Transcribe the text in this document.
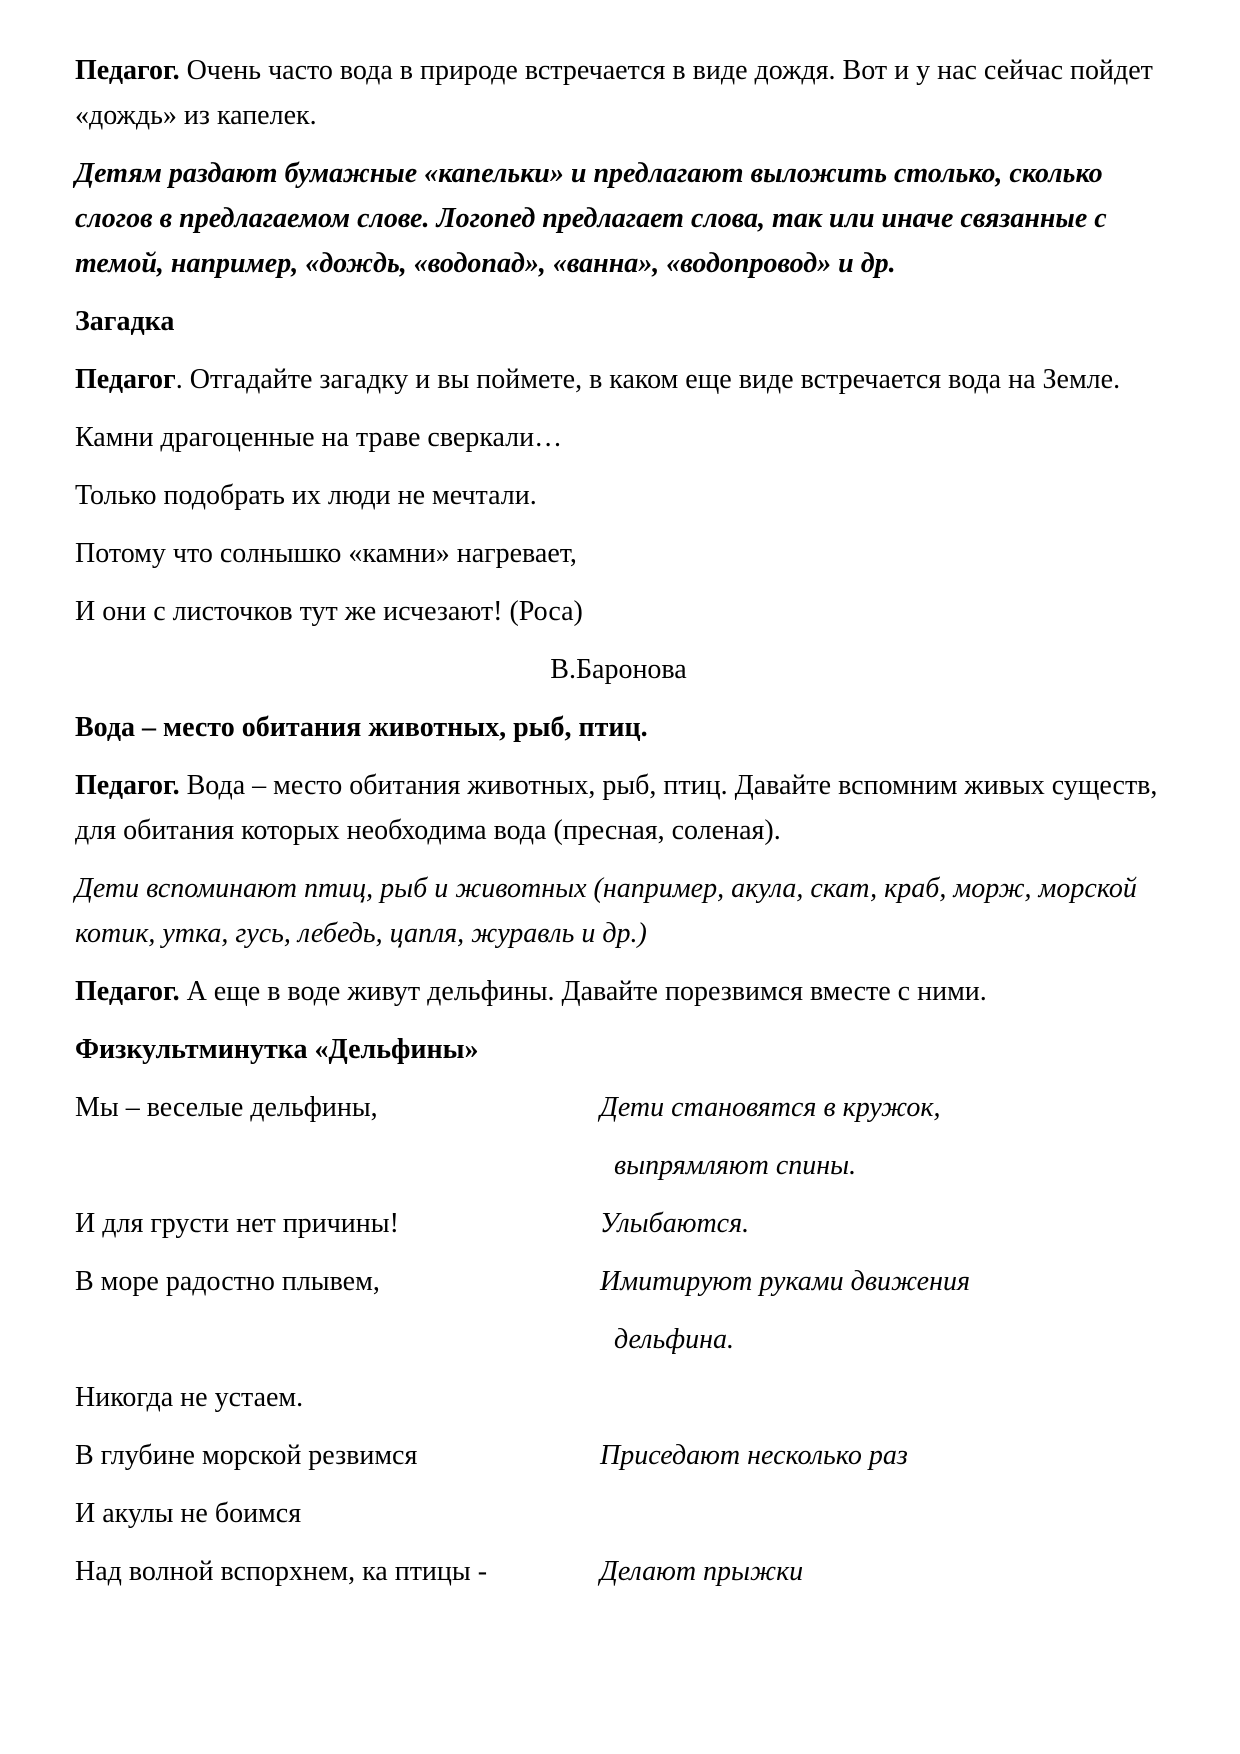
Педагог. Очень часто вода в природе встречается в виде дождя. Вот и у нас сейчас пойдет «дождь» из капелек.

Детям раздают бумажные «капельки» и предлагают выложить столько, сколько слогов в предлагаемом слове. Логопед предлагает слова, так или иначе связанные с темой, например, «дождь, «водопад», «ванна», «водопровод» и др.

Загадка

Педагог. Отгадайте загадку и вы поймете, в каком еще виде встречается вода на Земле.

Камни драгоценные на траве сверкали…

Только подобрать их люди не мечтали.

Потому что солнышко «камни» нагревает,

И они с листочков тут же исчезают! (Роса)

В.Баронова

Вода – место обитания животных, рыб, птиц.

Педагог. Вода – место обитания животных, рыб, птиц. Давайте вспомним живых существ, для обитания которых необходима вода (пресная, соленая).

Дети вспоминают птиц, рыб и животных (например, акула, скат, краб, морж, морской котик, утка, гусь, лебедь, цапля, журавль и др.)

Педагог. А еще в воде живут дельфины. Давайте порезвимся вместе с ними.

Физкультминутка «Дельфины»

Мы – веселые дельфины,	Дети становятся в кружок,
выпрямляют спины.
И для грусти нет причины!	Улыбаются.
В море радостно плывем,	Имитируют руками движения
дельфина.
Никогда не устаем.
В глубине морской резвимся	Приседают несколько раз
И акулы не боимся
Над волной вспорхнем, ка птицы -	Делают прыжки
